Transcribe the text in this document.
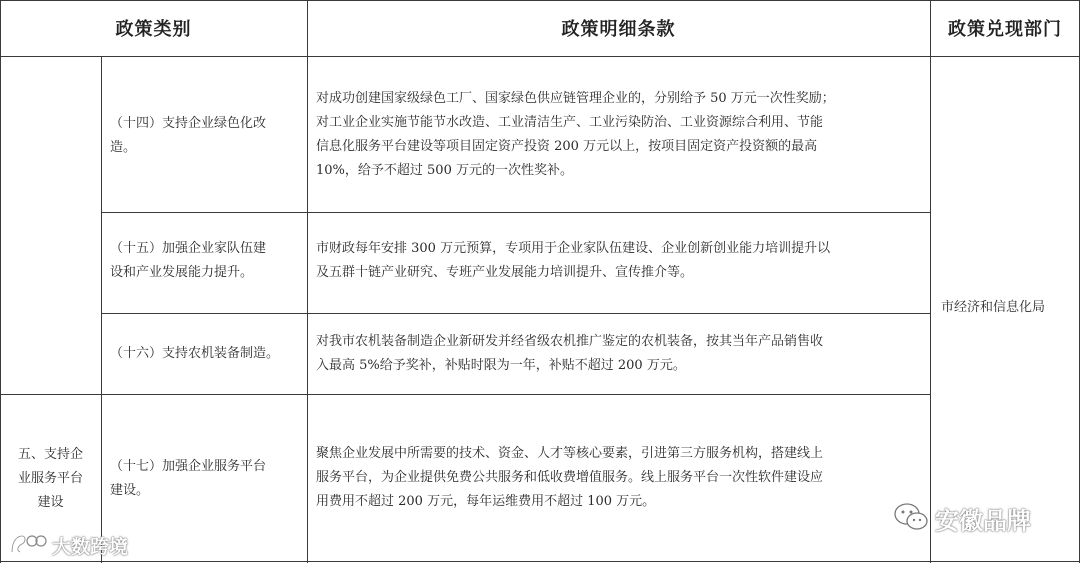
政策类别	政策明细条款	政策兑现部门
五、支持企
业服务平台
建设
（十四）支持企业绿色化改
造。
对成功创建国家级绿色工厂、国家绿色供应链管理企业的，分别给予 50 万元一次性奖励；
对工业企业实施节能节水改造、工业清洁生产、工业污染防治、工业资源综合利用、节能
信息化服务平台建设等项目固定资产投资 200 万元以上，按项目固定资产投资额的最高
10%，给予不超过 500 万元的一次性奖补。
（十五）加强企业家队伍建
设和产业发展能力提升。
市财政每年安排 300 万元预算，专项用于企业家队伍建设、企业创新创业能力培训提升以
及五群十链产业研究、专班产业发展能力培训提升、宣传推介等。
（十六）支持农机装备制造。
对我市农机装备制造企业新研发并经省级农机推广鉴定的农机装备，按其当年产品销售收
入最高 5%给予奖补，补贴时限为一年，补贴不超过 200 万元。
（十七）加强企业服务平台
建设。
聚焦企业发展中所需要的技术、资金、人才等核心要素，引进第三方服务机构，搭建线上
服务平台，为企业提供免费公共服务和低收费增值服务。线上服务平台一次性软件建设应
用费用不超过 200 万元，每年运维费用不超过 100 万元。
市经济和信息化局
安徽品牌
大数跨境
